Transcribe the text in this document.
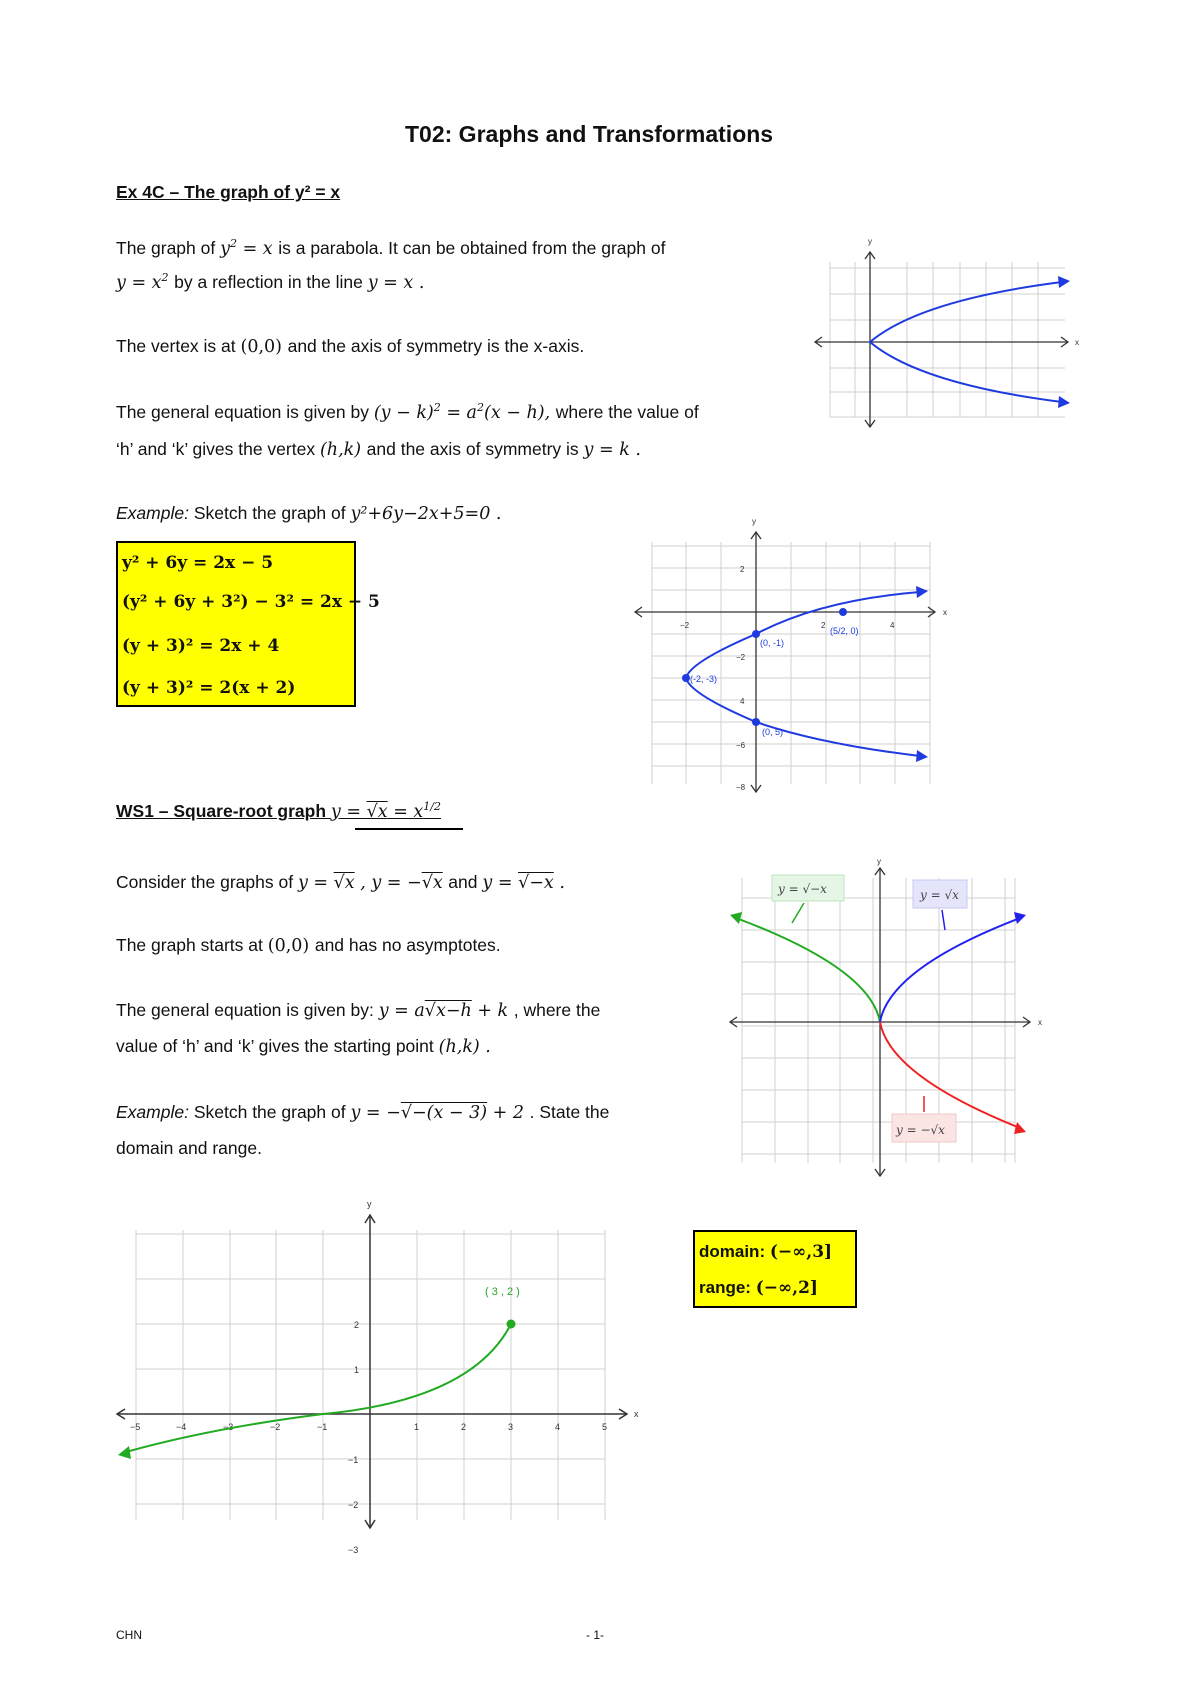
T02: Graphs and Transformations
Ex 4C – The graph of y² = x
The graph of $y^2 = x$ is a parabola. It can be obtained from the graph of
$y = x^2$ by a reflection in the line y = x .
The vertex is at (0,0) and the axis of symmetry is the x-axis.
The general equation is given by $(y - k)^2 = a^2(x - h)$, where the value of
‘h’ and ‘k’ gives the vertex (h,k) and the axis of symmetry is y = k .
Example: Sketch the graph of y²+6y−2x+5=0 .
y² + 6y = 2x − 5
(y² + 6y + 3²) − 3² = 2x − 5
(y + 3)² = 2x + 4
(y + 3)² = 2(x + 2)
x
y
x
y
−2	2	4
2
−2
4
−6
−8
(0, -1)
(-2, -3)
(0, 5)
(5/2, 0)
WS1 – Square-root graph $y = √x = x^{1/2}$
Consider the graphs of y = √x , y = −√x and y = √−x .
The graph starts at (0,0) and has no asymptotes.
The general equation is given by: y = a√x−h + k , where the
value of ‘h’ and ‘k’ gives the starting point (h,k) .
Example: Sketch the graph of y = −√−(x − 3) + 2 . State the
domain and range.
domain: (−∞,3]
range: (−∞,2]
x
y
y = √−x	y = √x
y = −√x
x
y
−5	−4	−3	−2	−1	1	2	3	4	5
2
1
−1
−2
−3
( 3 , 2 )
CHN	- 1-
